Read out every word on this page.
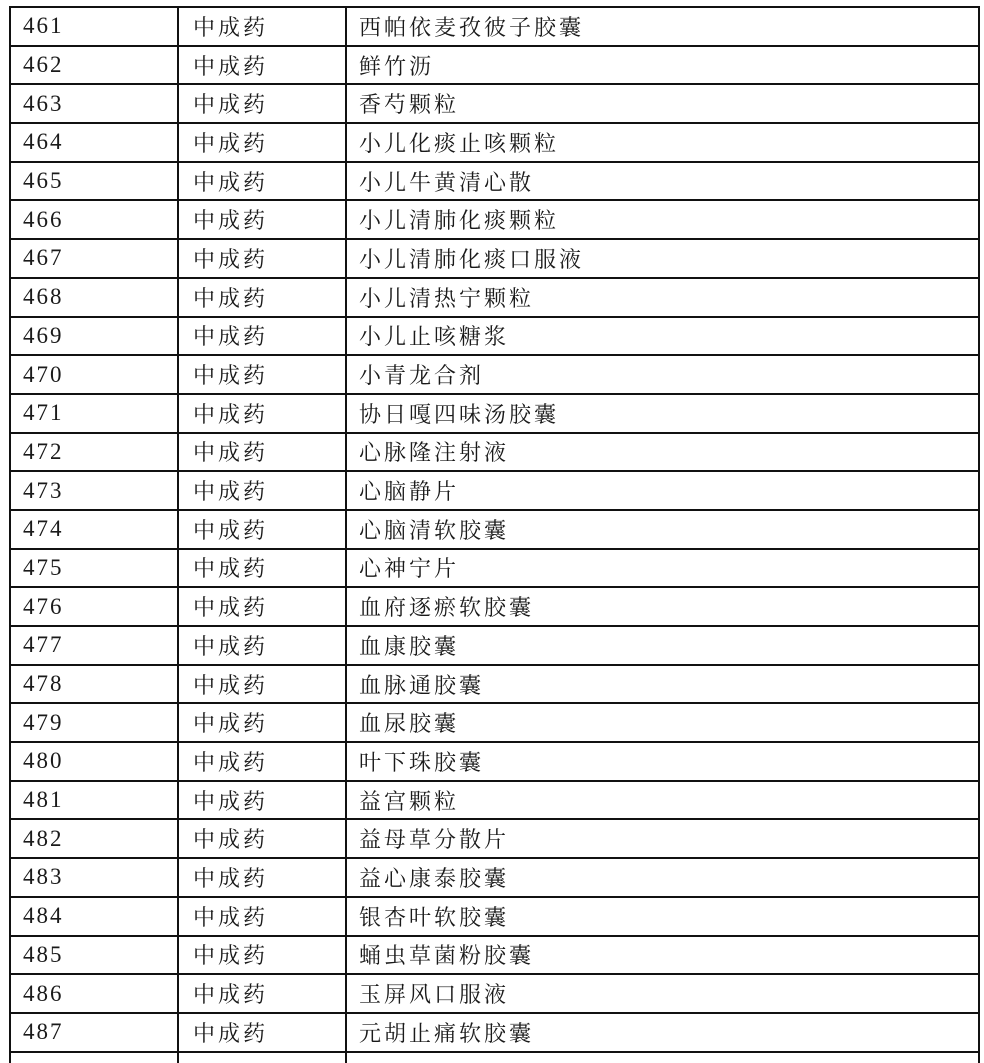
461	中成药	西帕依麦孜彼子胶囊
462	中成药	鲜竹沥
463	中成药	香芍颗粒
464	中成药	小儿化痰止咳颗粒
465	中成药	小儿牛黄清心散
466	中成药	小儿清肺化痰颗粒
467	中成药	小儿清肺化痰口服液
468	中成药	小儿清热宁颗粒
469	中成药	小儿止咳糖浆
470	中成药	小青龙合剂
471	中成药	协日嘎四味汤胶囊
472	中成药	心脉隆注射液
473	中成药	心脑静片
474	中成药	心脑清软胶囊
475	中成药	心神宁片
476	中成药	血府逐瘀软胶囊
477	中成药	血康胶囊
478	中成药	血脉通胶囊
479	中成药	血尿胶囊
480	中成药	叶下珠胶囊
481	中成药	益宫颗粒
482	中成药	益母草分散片
483	中成药	益心康泰胶囊
484	中成药	银杏叶软胶囊
485	中成药	蛹虫草菌粉胶囊
486	中成药	玉屏风口服液
487	中成药	元胡止痛软胶囊
